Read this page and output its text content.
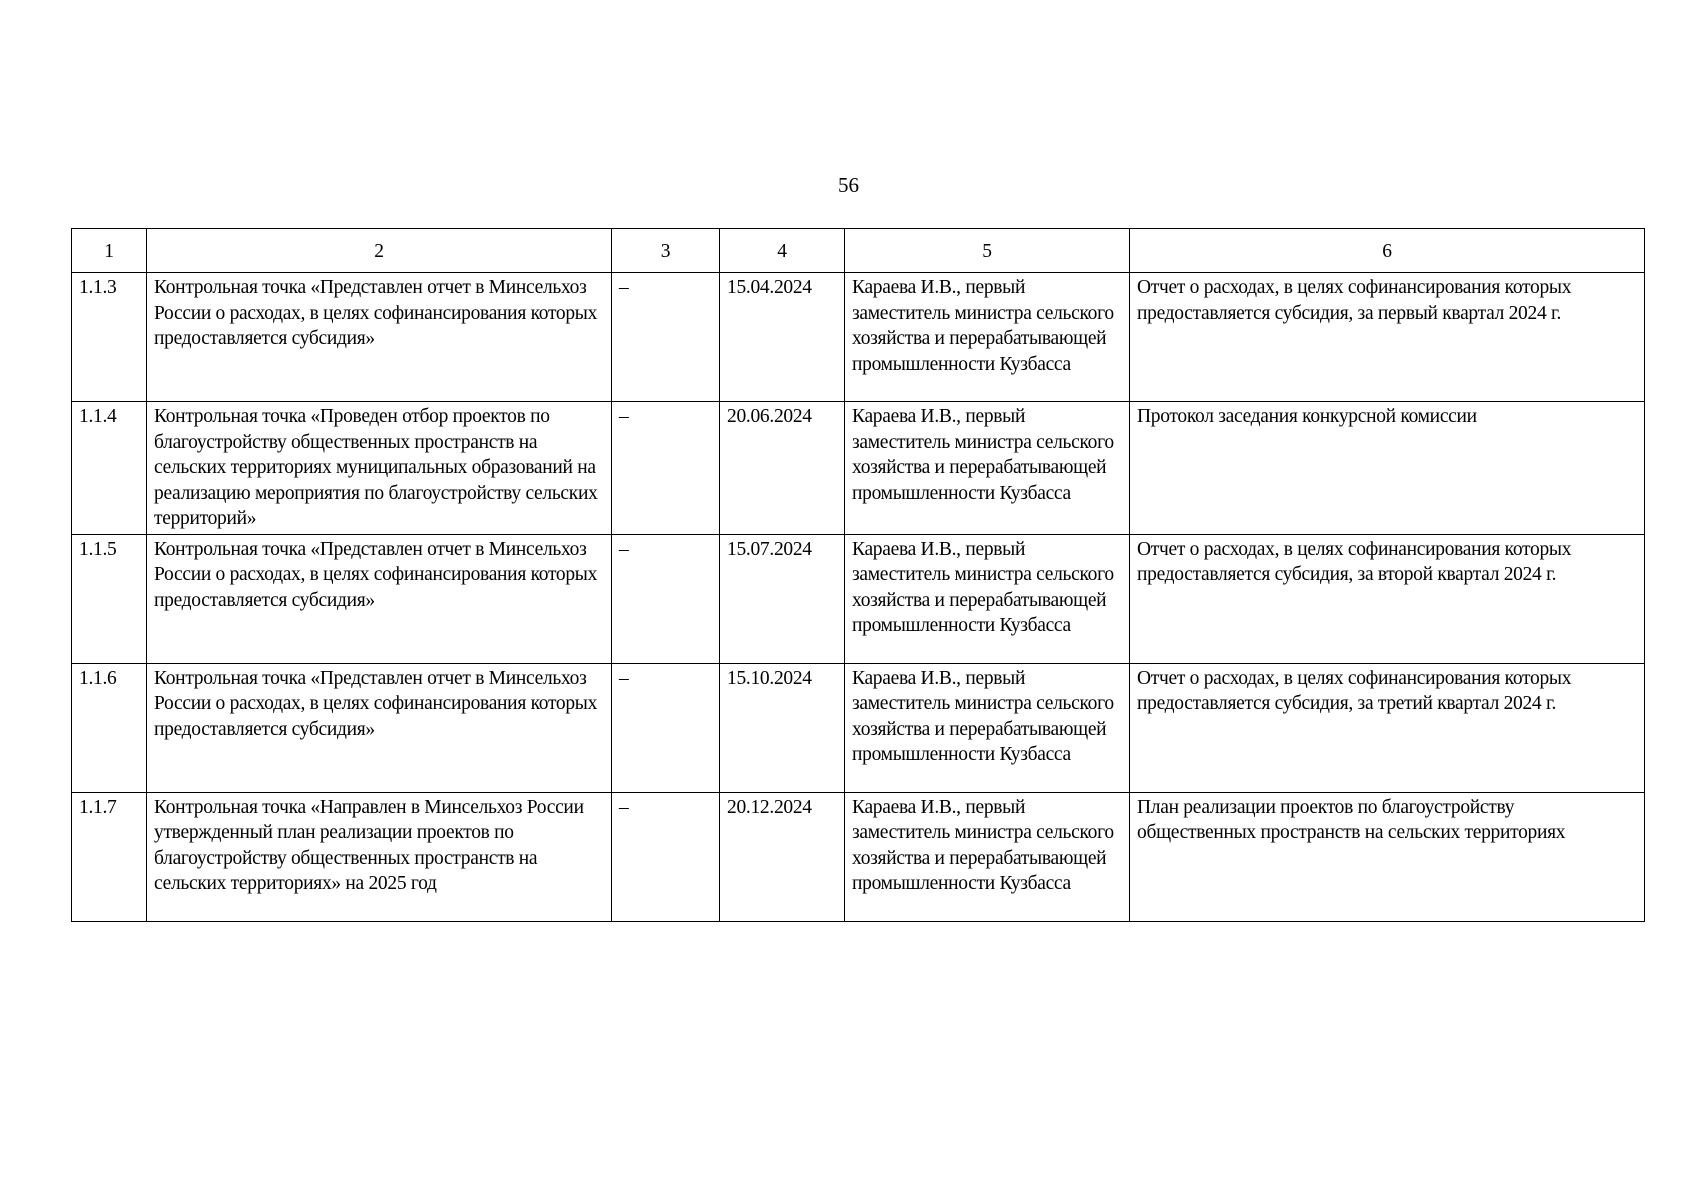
56
1	2	3	4	5	6
1.1.3	Контрольная точка «Представлен отчет в Минсельхоз России о расходах, в целях софинансирования которых предоставляется субсидия»	–	15.04.2024	Караева И.В., первый заместитель министра сельского хозяйства и перерабатывающей промышленности Кузбасса	Отчет о расходах, в целях софинансирования которых предоставляется субсидия, за первый квартал 2024 г.
1.1.4	Контрольная точка «Проведен отбор проектов по благоустройству общественных пространств на сельских территориях муниципальных образований на реализацию мероприятия по благоустройству сельских территорий»	–	20.06.2024	Караева И.В., первый заместитель министра сельского хозяйства и перерабатывающей промышленности Кузбасса	Протокол заседания конкурсной комиссии
1.1.5	Контрольная точка «Представлен отчет в Минсельхоз России о расходах, в целях софинансирования которых предоставляется субсидия»	–	15.07.2024	Караева И.В., первый заместитель министра сельского хозяйства и перерабатывающей промышленности Кузбасса	Отчет о расходах, в целях софинансирования которых предоставляется субсидия, за второй квартал 2024 г.
1.1.6	Контрольная точка «Представлен отчет в Минсельхоз России о расходах, в целях софинансирования которых предоставляется субсидия»	–	15.10.2024	Караева И.В., первый заместитель министра сельского хозяйства и перерабатывающей промышленности Кузбасса	Отчет о расходах, в целях софинансирования которых предоставляется субсидия, за третий квартал 2024 г.
1.1.7	Контрольная точка «Направлен в Минсельхоз России утвержденный план реализации проектов по благоустройству общественных пространств на сельских территориях» на 2025 год	–	20.12.2024	Караева И.В., первый заместитель министра сельского хозяйства и перерабатывающей промышленности Кузбасса	План реализации проектов по благоустройству общественных пространств на сельских территориях
